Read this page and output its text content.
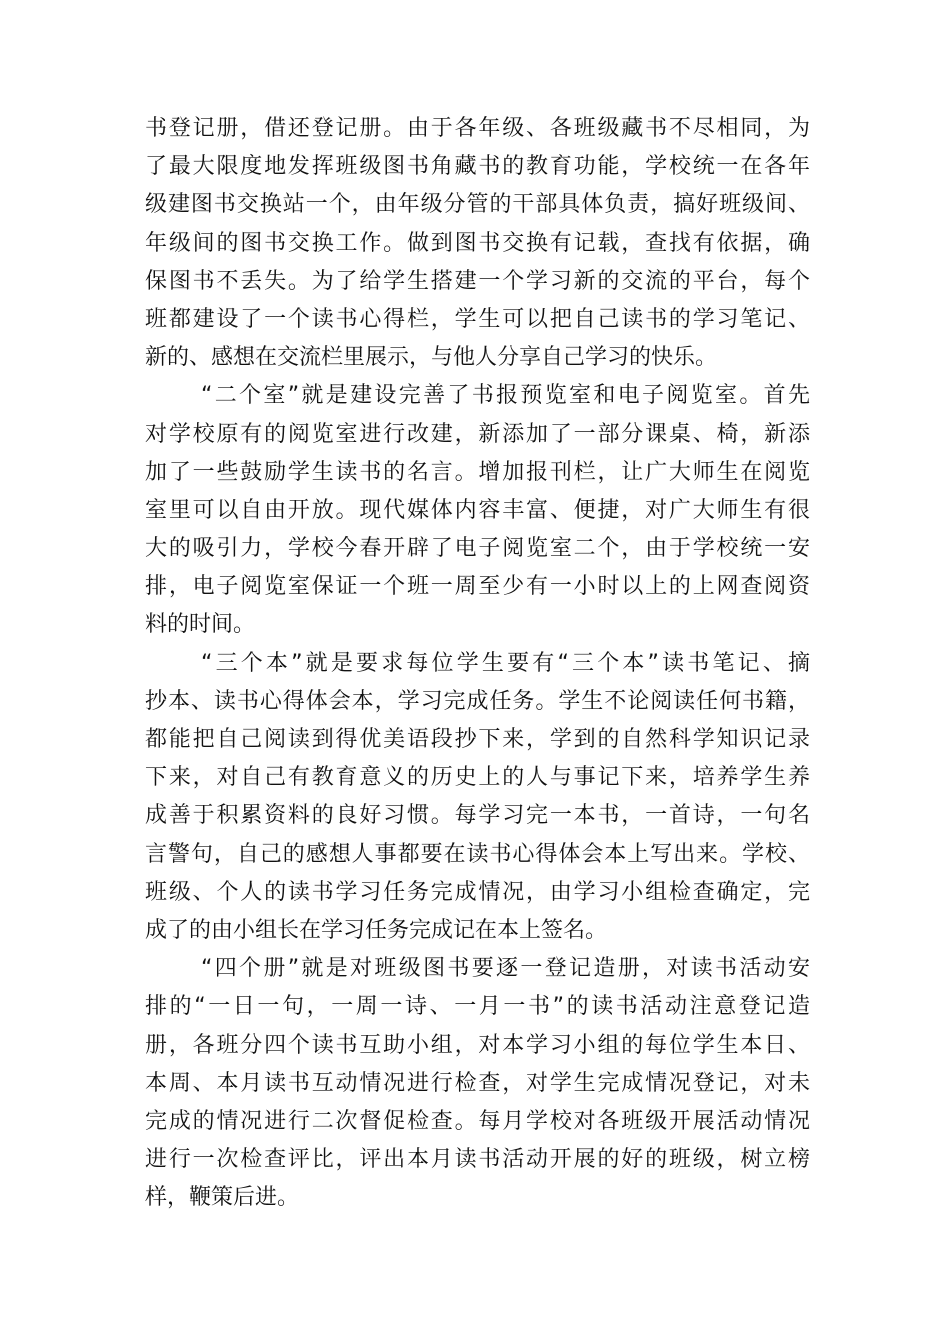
书登记册，借还登记册。由于各年级、各班级藏书不尽相同，为
了最大限度地发挥班级图书角藏书的教育功能，学校统一在各年
级建图书交换站一个，由年级分管的干部具体负责，搞好班级间、
年级间的图书交换工作。做到图书交换有记载，查找有依据，确
保图书不丢失。为了给学生搭建一个学习新的交流的平台，每个
班都建设了一个读书心得栏，学生可以把自己读书的学习笔记、
新的、感想在交流栏里展示，与他人分享自己学习的快乐。
“二个室”就是建设完善了书报预览室和电子阅览室。首先
对学校原有的阅览室进行改建，新添加了一部分课桌、椅，新添
加了一些鼓励学生读书的名言。增加报刊栏，让广大师生在阅览
室里可以自由开放。现代媒体内容丰富、便捷，对广大师生有很
大的吸引力，学校今春开辟了电子阅览室二个，由于学校统一安
排，电子阅览室保证一个班一周至少有一小时以上的上网查阅资
料的时间。
“三个本”就是要求每位学生要有“三个本”读书笔记、摘
抄本、读书心得体会本，学习完成任务。学生不论阅读任何书籍，
都能把自己阅读到得优美语段抄下来，学到的自然科学知识记录
下来，对自己有教育意义的历史上的人与事记下来，培养学生养
成善于积累资料的良好习惯。每学习完一本书，一首诗，一句名
言警句，自己的感想人事都要在读书心得体会本上写出来。学校、
班级、个人的读书学习任务完成情况，由学习小组检查确定，完
成了的由小组长在学习任务完成记在本上签名。
“四个册”就是对班级图书要逐一登记造册，对读书活动安
排的“一日一句，一周一诗、一月一书”的读书活动注意登记造
册，各班分四个读书互助小组，对本学习小组的每位学生本日、
本周、本月读书互动情况进行检查，对学生完成情况登记，对未
完成的情况进行二次督促检查。每月学校对各班级开展活动情况
进行一次检查评比，评出本月读书活动开展的好的班级，树立榜
样，鞭策后进。
